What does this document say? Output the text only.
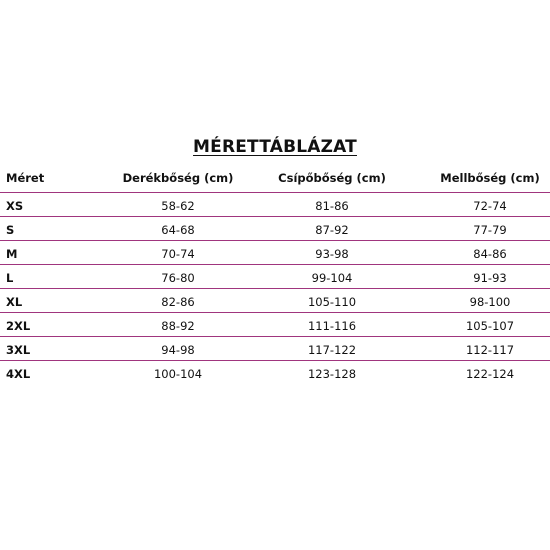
MÉRETTÁBLÁZAT
Méret	Derékbőség (cm)	Csípőbőség (cm)	Mellbőség (cm)
XS	58-62	81-86	72-74
S	64-68	87-92	77-79
M	70-74	93-98	84-86
L	76-80	99-104	91-93
XL	82-86	105-110	98-100
2XL	88-92	111-116	105-107
3XL	94-98	117-122	112-117
4XL	100-104	123-128	122-124
